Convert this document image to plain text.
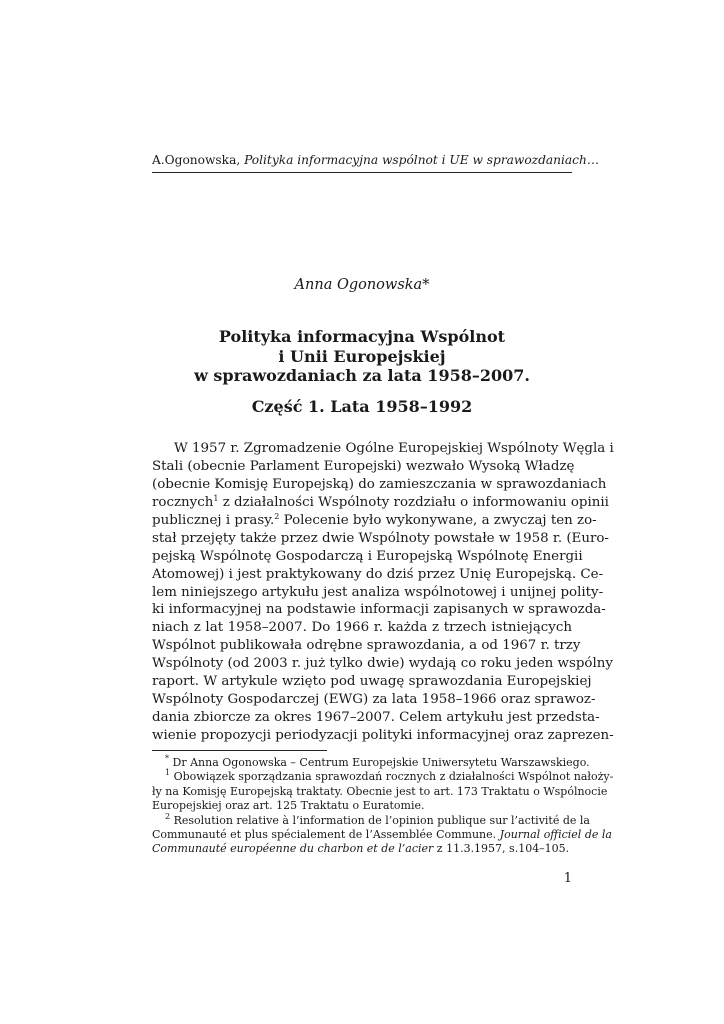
A.Ogonowska, Polityka informacyjna wspólnot i UE w sprawozdaniach…
Anna Ogonowska*
Polityka informacyjna Wspólnot
i Unii Europejskiej
w sprawozdaniach za lata 1958–2007.
Część 1. Lata 1958–1992
W 1957 r. Zgromadzenie Ogólne Europejskiej Wspólnoty Węgla i
Stali (obecnie Parlament Europejski) wezwało Wysoką Władzę
(obecnie Komisję Europejską) do zamieszczania w sprawozdaniach
rocznych$^1$ z działalności Wspólnoty rozdziału o informowaniu opinii
publicznej i prasy.$^2$ Polecenie było wykonywane, a zwyczaj ten zo-
stał przejęty także przez dwie Wspólnoty powstałe w 1958 r. (Euro-
pejską Wspólnotę Gospodarczą i Europejską Wspólnotę Energii
Atomowej) i jest praktykowany do dziś przez Unię Europejską. Ce-
lem niniejszego artykułu jest analiza wspólnotowej i unijnej polity-
ki informacyjnej na podstawie informacji zapisanych w sprawozda-
niach z lat 1958–2007. Do 1966 r. każda z trzech istniejących
Wspólnot publikowała odrębne sprawozdania, a od 1967 r. trzy
Wspólnoty (od 2003 r. już tylko dwie) wydają co roku jeden wspólny
raport. W artykule wzięto pod uwagę sprawozdania Europejskiej
Wspólnoty Gospodarczej (EWG) za lata 1958–1966 oraz sprawoz-
dania zbiorcze za okres 1967–2007. Celem artykułu jest przedsta-
wienie propozycji periodyzacji polityki informacyjnej oraz zaprezen-
* Dr Anna Ogonowska – Centrum Europejskie Uniwersytetu Warszawskiego.
$^1$ Obowiązek sporządzania sprawozdań rocznych z działalności Wspólnot nałoży-
ły na Komisję Europejską traktaty. Obecnie jest to art. 173 Traktatu o Wspólnocie
Europejskiej oraz art. 125 Traktatu o Euratomie.
$^2$ Resolution relative à l’information de l’opinion publique sur l’activité de la
Communauté et plus spécialement de l’Assemblée Commune. Journal officiel de la
Communauté européenne du charbon et de l’acier z 11.3.1957, s.104–105.
1
